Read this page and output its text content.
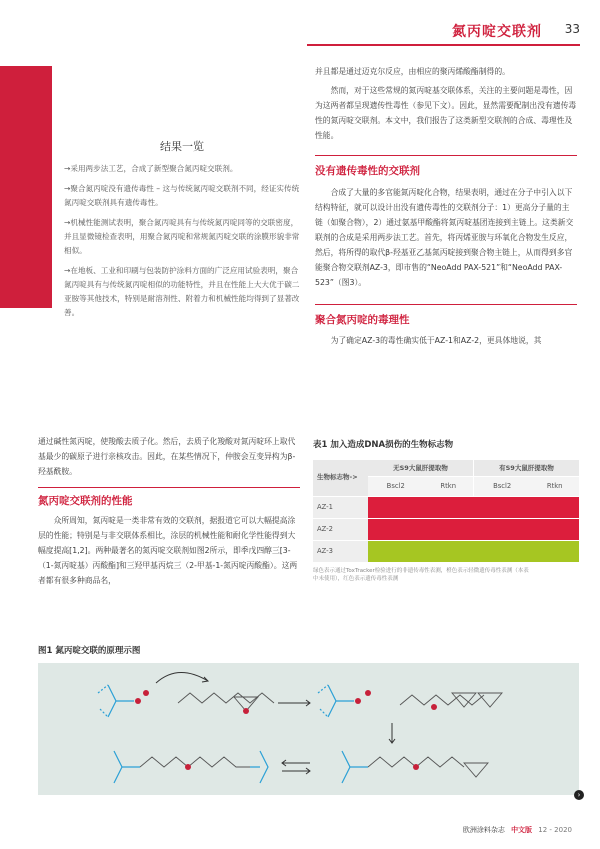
氮丙啶交联剂 33
结果一览
→采用两步法工艺，合成了新型聚合氮丙啶交联剂。
→聚合氮丙啶没有遗传毒性 – 这与传统氮丙啶交联剂不同，经证实传统氮丙啶交联剂具有遗传毒性。
→机械性能测试表明，聚合氮丙啶具有与传统氮丙啶同等的交联密度，并且显微镜检查表明，用聚合氮丙啶和常规氮丙啶交联的涂膜形貌非常相似。
→在地板、工业和印刷与包装防护涂料方面的广泛应用试验表明，聚合氮丙啶具有与传统氮丙啶相似的功能特性，并且在性能上大大优于碳二亚胺等其他技术，特别是耐溶剂性、附着力和机械性能均得到了显著改善。
并且都是通过迈克尔反应，由相应的聚丙烯酸酯制得的。
然而，对于这些常规的氮丙啶基交联体系，关注的主要问题是毒性，因为这两者都呈现遗传性毒性（参见下文）。因此，显然需要配制出没有遗传毒性的氮丙啶交联剂。本文中，我们报告了这类新型交联剂的合成、毒理性及性能。
没有遗传毒性的交联剂
合成了大量的多官能氮丙啶化合物，结果表明，通过在分子中引入以下结构特征，就可以设计出没有遗传毒性的交联剂分子：1）更高分子量的主链（如聚合物），2）通过氨基甲酸酯将氮丙啶基团连接到主链上。这类新交联剂的合成是采用两步法工艺。首先，将丙烯亚胺与环氧化合物发生反应，然后，将所得的取代β-羟基亚乙基氮丙啶接到聚合物主链上，从而得到多官能聚合物交联剂AZ-3，即市售的“NeoAdd PAX-521”和“NeoAdd PAX-523”（图3）。
聚合氮丙啶的毒理性
为了确定AZ-3的毒性确实低于AZ-1和AZ-2，更具体地说，其
通过碱性氮丙啶，使羧酸去质子化。然后，去质子化羧酸对氮丙啶环上取代基最少的碳原子进行亲核攻击。因此，在某些情况下，仲胺会互变异构为β-羟基酰胺。
氮丙啶交联剂的性能
众所周知，氮丙啶是一类非常有效的交联剂，据报道它可以大幅提高涂层的性能；特别是与非交联体系相比，涂层的机械性能和耐化学性能得到大幅度提高[1,2]。两种最著名的氮丙啶交联剂如图2所示，即季戊四醇三[3-（1-氮丙啶基）丙酸酯]和三羟甲基丙烷三（2-甲基-1-氮丙啶丙酸酯）。这两者都有很多种商品名，
表1 加入造成DNA损伤的生物标志物
生物标志物->	无S9大鼠肝提取物		有S9大鼠肝提取物	
	Bscl2	Rtkn	Bscl2	Rtkn
AZ-1				
AZ-2				
AZ-3				
绿色表示通过ToxTracker检验进行的非遗传毒性表测，橙色表示轻微遗传毒性表测（本表中未使用），红色表示遗传毒性表测
图1 氮丙啶交联的原理示图
›
欧洲涂料杂志 中文版 12 - 2020
